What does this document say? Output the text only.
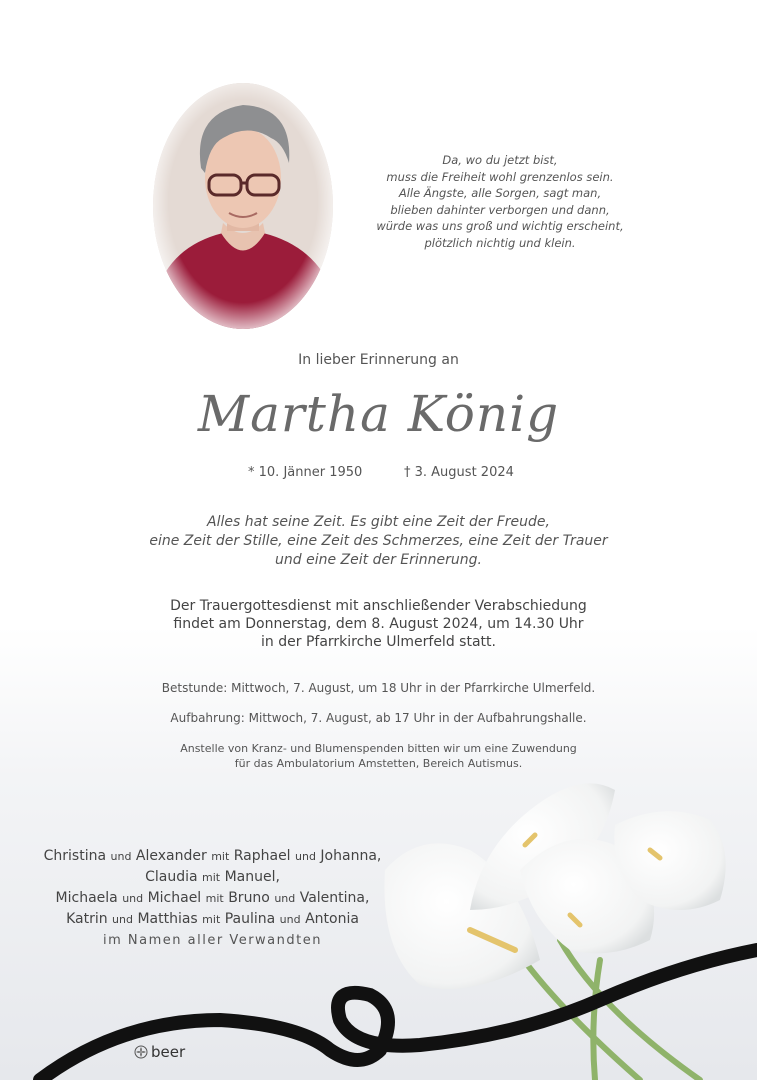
Da, wo du jetzt bist,
muss die Freiheit wohl grenzenlos sein.
Alle Ängste, alle Sorgen, sagt man,
blieben dahinter verborgen und dann,
würde was uns groß und wichtig erscheint,
plötzlich nichtig und klein.
In lieber Erinnerung an
Martha König
* 10. Jänner 1950	† 3. August 2024
Alles hat seine Zeit. Es gibt eine Zeit der Freude,
eine Zeit der Stille, eine Zeit des Schmerzes, eine Zeit der Trauer
und eine Zeit der Erinnerung.
Der Trauergottesdienst mit anschließender Verabschiedung
findet am Donnerstag, dem 8. August 2024, um 14.30 Uhr
in der Pfarrkirche Ulmerfeld statt.
Betstunde: Mittwoch, 7. August, um 18 Uhr in der Pfarrkirche Ulmerfeld.
Aufbahrung: Mittwoch, 7. August, ab 17 Uhr in der Aufbahrungshalle.
Anstelle von Kranz- und Blumenspenden bitten wir um eine Zuwendung
für das Ambulatorium Amstetten, Bereich Autismus.
Christina und Alexander mit Raphael und Johanna,
Claudia mit Manuel,
Michaela und Michael mit Bruno und Valentina,
Katrin und Matthias mit Paulina und Antonia
im Namen aller Verwandten
beer
